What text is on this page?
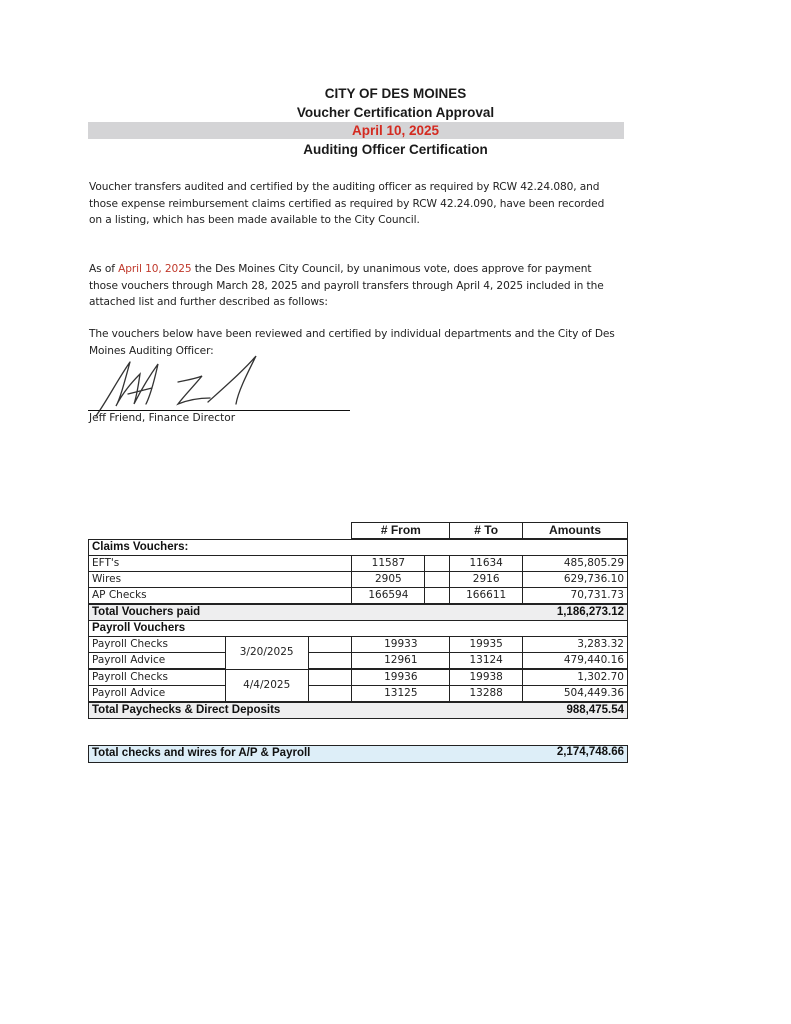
CITY OF DES MOINES
Voucher Certification Approval
April 10, 2025
Auditing Officer Certification
Voucher transfers audited and certified by the auditing officer as required by RCW 42.24.080, and those expense reimbursement claims certified as required by RCW 42.24.090, have been recorded on a listing, which has been made available to the City Council.
As of April 10, 2025 the Des Moines City Council, by unanimous vote, does approve for payment those vouchers through March 28, 2025 and payroll transfers through April 4, 2025 included in the attached list and further described as follows:
The vouchers below have been reviewed and certified by individual departments and the City of Des Moines Auditing Officer:
Jeff Friend, Finance Director
			# From		# To	Amounts
Claims Vouchers:						
EFT's			11587		11634	485,805.29
Wires			2905		2916	629,736.10
AP Checks			166594		166611	70,731.73
Total Vouchers paid						1,186,273.12
Payroll Vouchers						
Payroll Checks	3/20/2025		19933		19935	3,283.32
Payroll Advice			12961		13124	479,440.16
Payroll Checks	4/4/2025		19936		19938	1,302.70
Payroll Advice			13125		13288	504,449.36
Total Paychecks & Direct Deposits						988,475.54
Total checks and wires for A/P & Payroll	2,174,748.66
